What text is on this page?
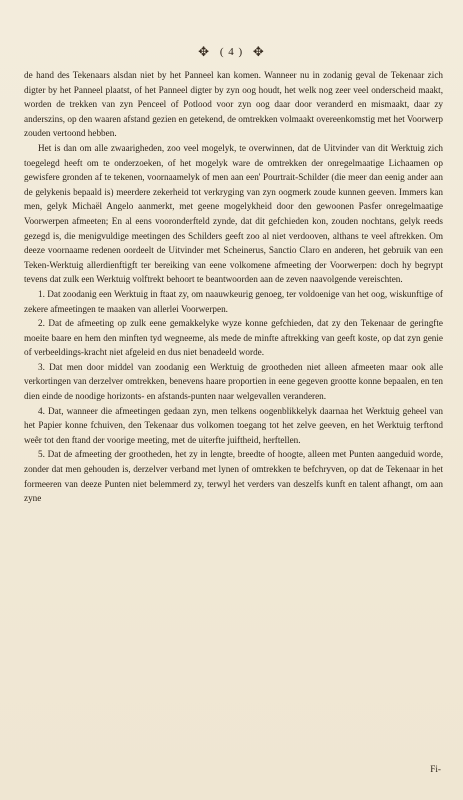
✥ ( 4 ) ✥

de hand des Tekenaars alsdan niet by het Panneel kan komen. Wanneer nu in zodanig geval de Tekenaar zich digter by het Panneel plaatst, of het Panneel digter by zyn oog houdt, het welk nog zeer veel onderscheid maakt, worden de trekken van zyn Penceel of Potlood voor zyn oog daar door veranderd en mismaakt, daar zy anderszins, op den waaren afstand gezien en getekend, de omtrekken volmaakt overeenkomstig met het Voorwerp zouden vertoond hebben.

Het is dan om alle zwaarigheden, zoo veel mogelyk, te overwinnen, dat de Uitvinder van dit Werktuig zich toegelegd heeft om te onderzoeken, of het mogelyk ware de omtrekken der onregelmaatige Lichaamen op gewisfere gronden af te tekenen, voornaamelyk of men aan een' Pourtrait-Schilder (die meer dan eenig ander aan de gelykenis bepaald is) meerdere zekerheid tot verkryging van zyn oogmerk zoude kunnen geeven. Immers kan men, gelyk Michaël Angelo aanmerkt, met geene mogelykheid door den gewoonen Pasfer onregelmaatige Voorwerpen afmeeten; En al eens vooronderfteld zynde, dat dit gefchieden kon, zouden nochtans, gelyk reeds gezegd is, die menigvuldige meetingen des Schilders geeft zoo al niet verdooven, althans te veel aftrekken. Om deeze voornaame redenen oordeelt de Uitvinder met Scheinerus, Sanctio Claro en anderen, het gebruik van een Teken-Werktuig allerdienftigft ter bereiking van eene volkomene afmeeting der Voorwerpen: doch hy begrypt tevens dat zulk een Werktuig volftrekt behoort te beantwoorden aan de zeven naavolgende vereischten.

1. Dat zoodanig een Werktuig in ftaat zy, om naauwkeurig genoeg, ter voldoenige van het oog, wiskunftige of zekere afmeetingen te maaken van allerlei Voorwerpen.

2. Dat de afmeeting op zulk eene gemakkelyke wyze konne gefchieden, dat zy den Tekenaar de geringfte moeite baare en hem den minften tyd wegneeme, als mede de minfte aftrekking van geeft koste, op dat zyn genie of verbeeldings-kracht niet afgeleid en dus niet benadeeld worde.

3. Dat men door middel van zoodanig een Werktuig de grootheden niet alleen afmeeten maar ook alle verkortingen van derzelver omtrekken, benevens haare proportien in eene gegeven grootte konne bepaalen, en ten dien einde de noodige horizonts- en afstands-punten naar welgevallen veranderen.

4. Dat, wanneer die afmeetingen gedaan zyn, men telkens oogenblikkelyk daarnaa het Werktuig geheel van het Papier konne fchuiven, den Tekenaar dus volkomen toegang tot het zelve geeven, en het Werktuig terftond weêr tot den ftand der voorige meeting, met de uiterfte juiftheid, herftellen.

5. Dat de afmeeting der grootheden, het zy in lengte, breedte of hoogte, alleen met Punten aangeduid worde, zonder dat men gehouden is, derzelver verband met lynen of omtrekken te befchryven, op dat de Tekenaar in het formeeren van deeze Punten niet belemmerd zy, terwyl het verders van deszelfs kunft en talent afhangt, om aan zyne

Fi-
